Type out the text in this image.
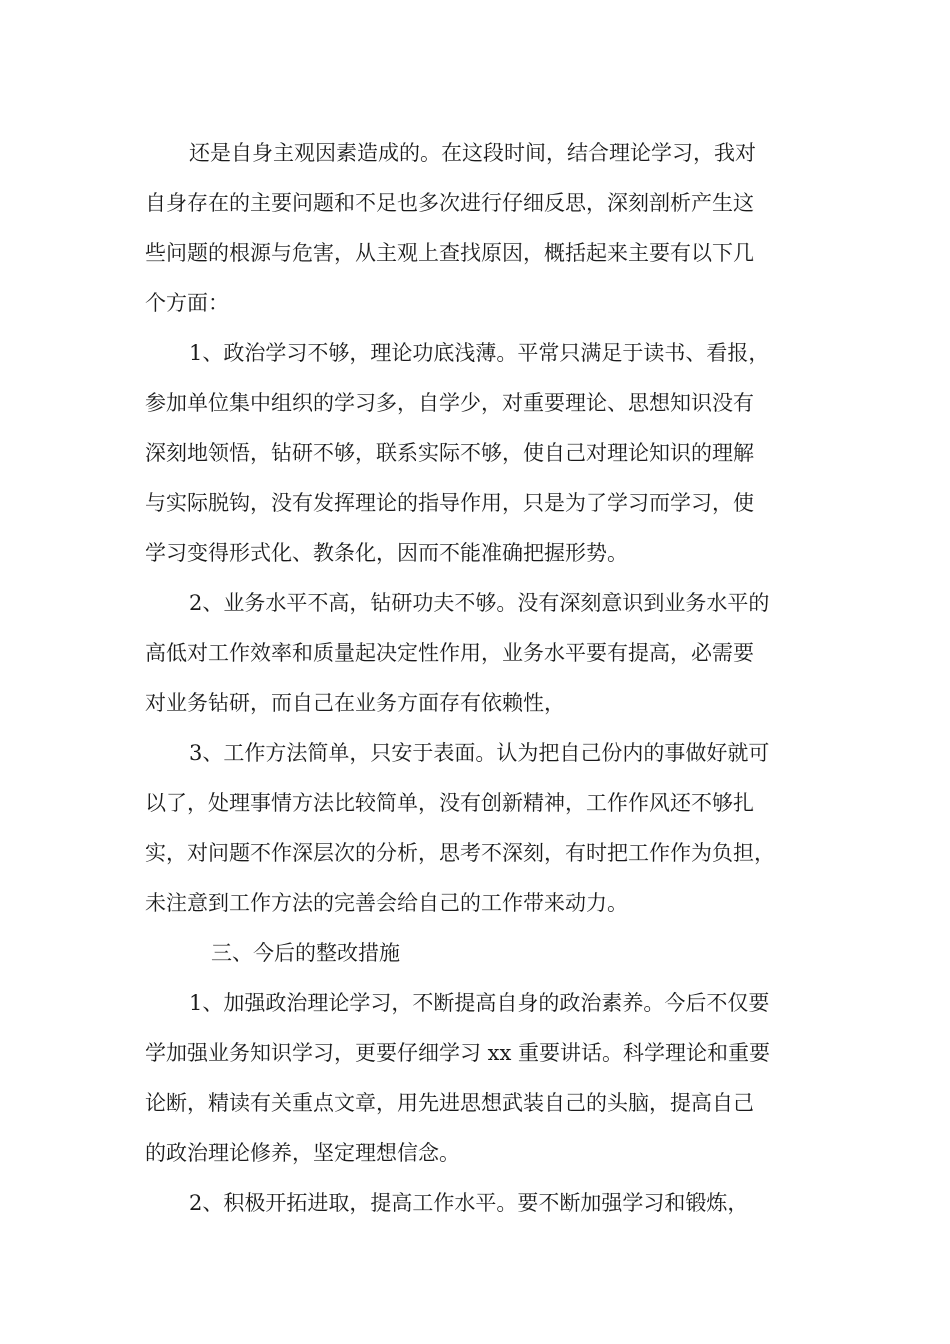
还是自身主观因素造成的。在这段时间，结合理论学习，我对
自身存在的主要问题和不足也多次进行仔细反思，深刻剖析产生这
些问题的根源与危害，从主观上查找原因，概括起来主要有以下几
个方面：
1、政治学习不够，理论功底浅薄。平常只满足于读书、看报，
参加单位集中组织的学习多，自学少，对重要理论、思想知识没有
深刻地领悟，钻研不够，联系实际不够，使自己对理论知识的理解
与实际脱钩，没有发挥理论的指导作用，只是为了学习而学习，使
学习变得形式化、教条化，因而不能准确把握形势。
2、业务水平不高，钻研功夫不够。没有深刻意识到业务水平的
高低对工作效率和质量起决定性作用，业务水平要有提高，必需要
对业务钻研，而自己在业务方面存有依赖性，
3、工作方法简单，只安于表面。认为把自己份内的事做好就可
以了，处理事情方法比较简单，没有创新精神，工作作风还不够扎
实，对问题不作深层次的分析，思考不深刻，有时把工作作为负担，
未注意到工作方法的完善会给自己的工作带来动力。
三、今后的整改措施
1、加强政治理论学习，不断提高自身的政治素养。今后不仅要
学加强业务知识学习，更要仔细学习 xx 重要讲话。科学理论和重要
论断，精读有关重点文章，用先进思想武装自己的头脑，提高自己
的政治理论修养，坚定理想信念。
2、积极开拓进取，提高工作水平。要不断加强学习和锻炼，
